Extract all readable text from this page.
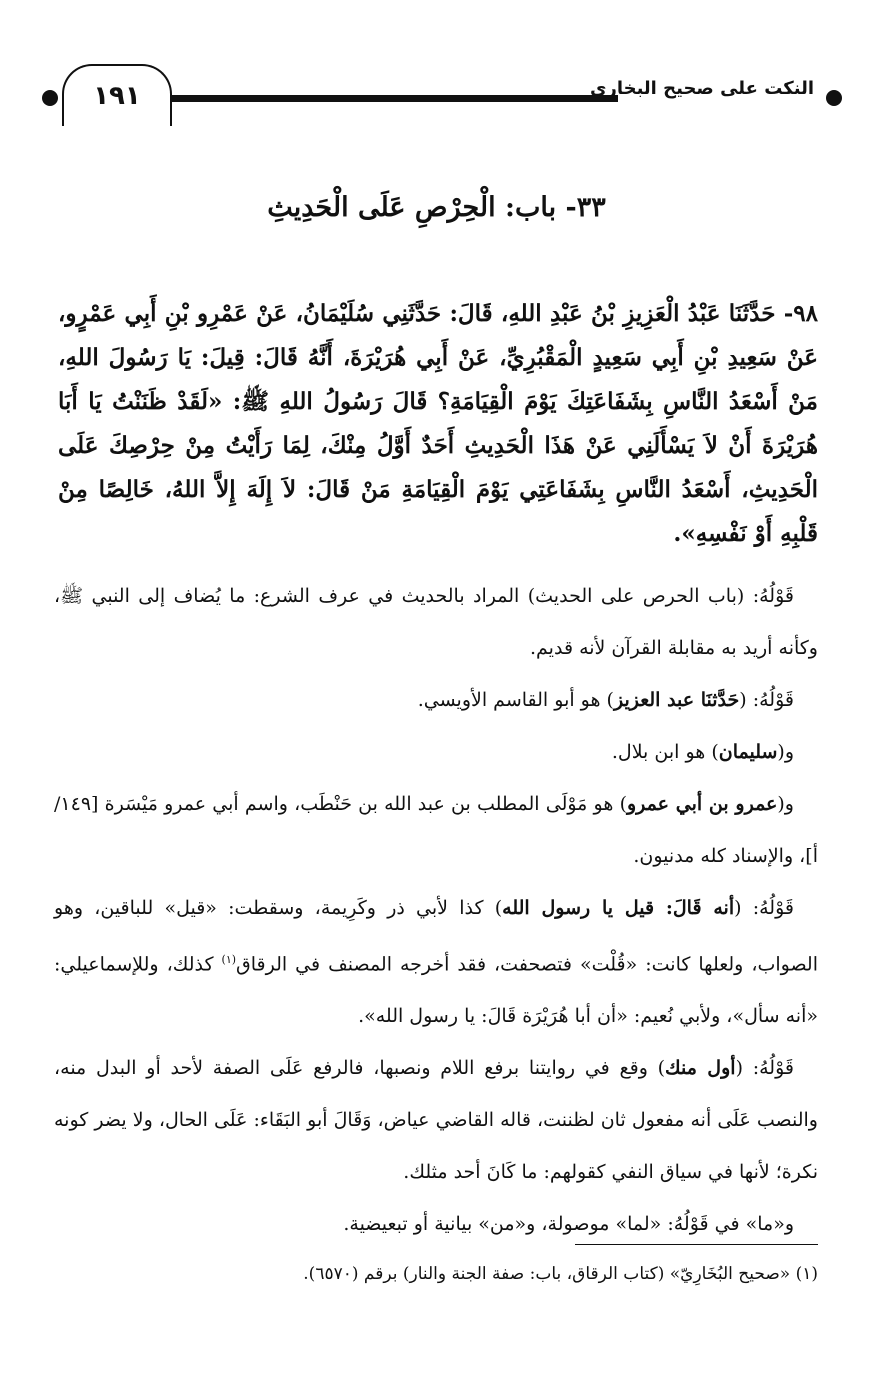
١٩١	النكت على صحيح البخاري
٣٣- باب: الْحِرْصِ عَلَى الْحَدِيثِ

٩٨- حَدَّثَنَا عَبْدُ الْعَزِيزِ بْنُ عَبْدِ اللهِ، قَالَ: حَدَّثَنِي سُلَيْمَانُ، عَنْ عَمْرِو بْنِ أَبِي عَمْرٍو، عَنْ سَعِيدِ بْنِ أَبِي سَعِيدٍ الْمَقْبُرِيِّ، عَنْ أَبِي هُرَيْرَةَ، أَنَّهُ قَالَ: قِيلَ: يَا رَسُولَ اللهِ، مَنْ أَسْعَدُ النَّاسِ بِشَفَاعَتِكَ يَوْمَ الْقِيَامَةِ؟ قَالَ رَسُولُ اللهِ ﷺ: «لَقَدْ ظَنَنْتُ يَا أَبَا هُرَيْرَةَ أَنْ لاَ يَسْأَلَنِي عَنْ هَذَا الْحَدِيثِ أَحَدٌ أَوَّلُ مِنْكَ، لِمَا رَأَيْتُ مِنْ حِرْصِكَ عَلَى الْحَدِيثِ، أَسْعَدُ النَّاسِ بِشَفَاعَتِي يَوْمَ الْقِيَامَةِ مَنْ قَالَ: لاَ إِلَهَ إِلاَّ اللهُ، خَالِصًا مِنْ قَلْبِهِ أَوْ نَفْسِهِ».

قَوْلُهُ: (باب الحرص على الحديث) المراد بالحديث في عرف الشرع: ما يُضاف إلى النبي ﷺ، وكأنه أريد به مقابلة القرآن لأنه قديم.

قَوْلُهُ: (حَدَّثنَا عبد العزيز) هو أبو القاسم الأويسي.

و(سليمان) هو ابن بلال.

و(عمرو بن أبي عمرو) هو مَوْلَى المطلب بن عبد الله بن حَنْطَب، واسم أبي عمرو مَيْسَرة [١٤٩/أ]، والإسناد كله مدنيون.

قَوْلُهُ: (أنه قَالَ: قيل يا رسول الله) كذا لأبي ذر وكَرِيمة، وسقطت: «قيل» للباقين، وهو الصواب، ولعلها كانت: «قُلْت» فتصحفت، فقد أخرجه المصنف في الرقاق$^{(١)}$ كذلك، وللإسماعيلي: «أنه سأل»، ولأبي نُعيم: «أن أبا هُرَيْرَة قَالَ: يا رسول الله».

قَوْلُهُ: (أول منك) وقع في روايتنا برفع اللام ونصبها، فالرفع عَلَى الصفة لأحد أو البدل منه، والنصب عَلَى أنه مفعول ثان لظننت، قاله القاضي عياض، وَقَالَ أبو البَقَاء: عَلَى الحال، ولا يضر كونه نكرة؛ لأنها في سياق النفي كقولهم: ما كَانَ أحد مثلك.

و«ما» في قَوْلُهُ: «لما» موصولة، و«من» بيانية أو تبعيضية.

(١) «صحيح البُخَارِيّ» (كتاب الرقاق، باب: صفة الجنة والنار) برقم (٦٥٧٠).
